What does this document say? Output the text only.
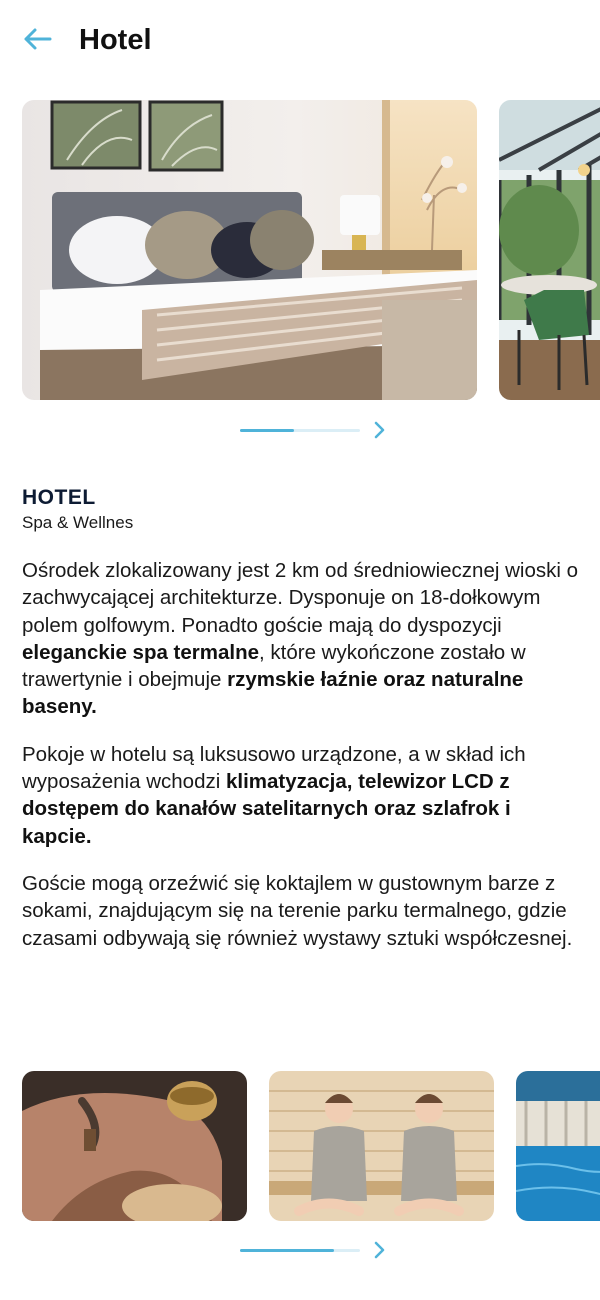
Hotel
HOTEL
Spa & Wellnes

Ośrodek zlokalizowany jest 2 km od średniowiecznej wioski o zachwycającej architekturze. Dysponuje on 18-dołkowym polem golfowym. Ponadto goście mają do dyspozycji eleganckie spa termalne, które wykończone zostało w trawertynie i obejmuje rzymskie łaźnie oraz naturalne baseny.

Pokoje w hotelu są luksusowo urządzone, a w skład ich wyposażenia wchodzi klimatyzacja, telewizor LCD z dostępem do kanałów satelitarnych oraz szlafrok i kapcie.

Goście mogą orzeźwić się koktajlem w gustownym barze z sokami, znajdującym się na terenie parku termalnego, gdzie czasami odbywają się również wystawy sztuki współczesnej.
